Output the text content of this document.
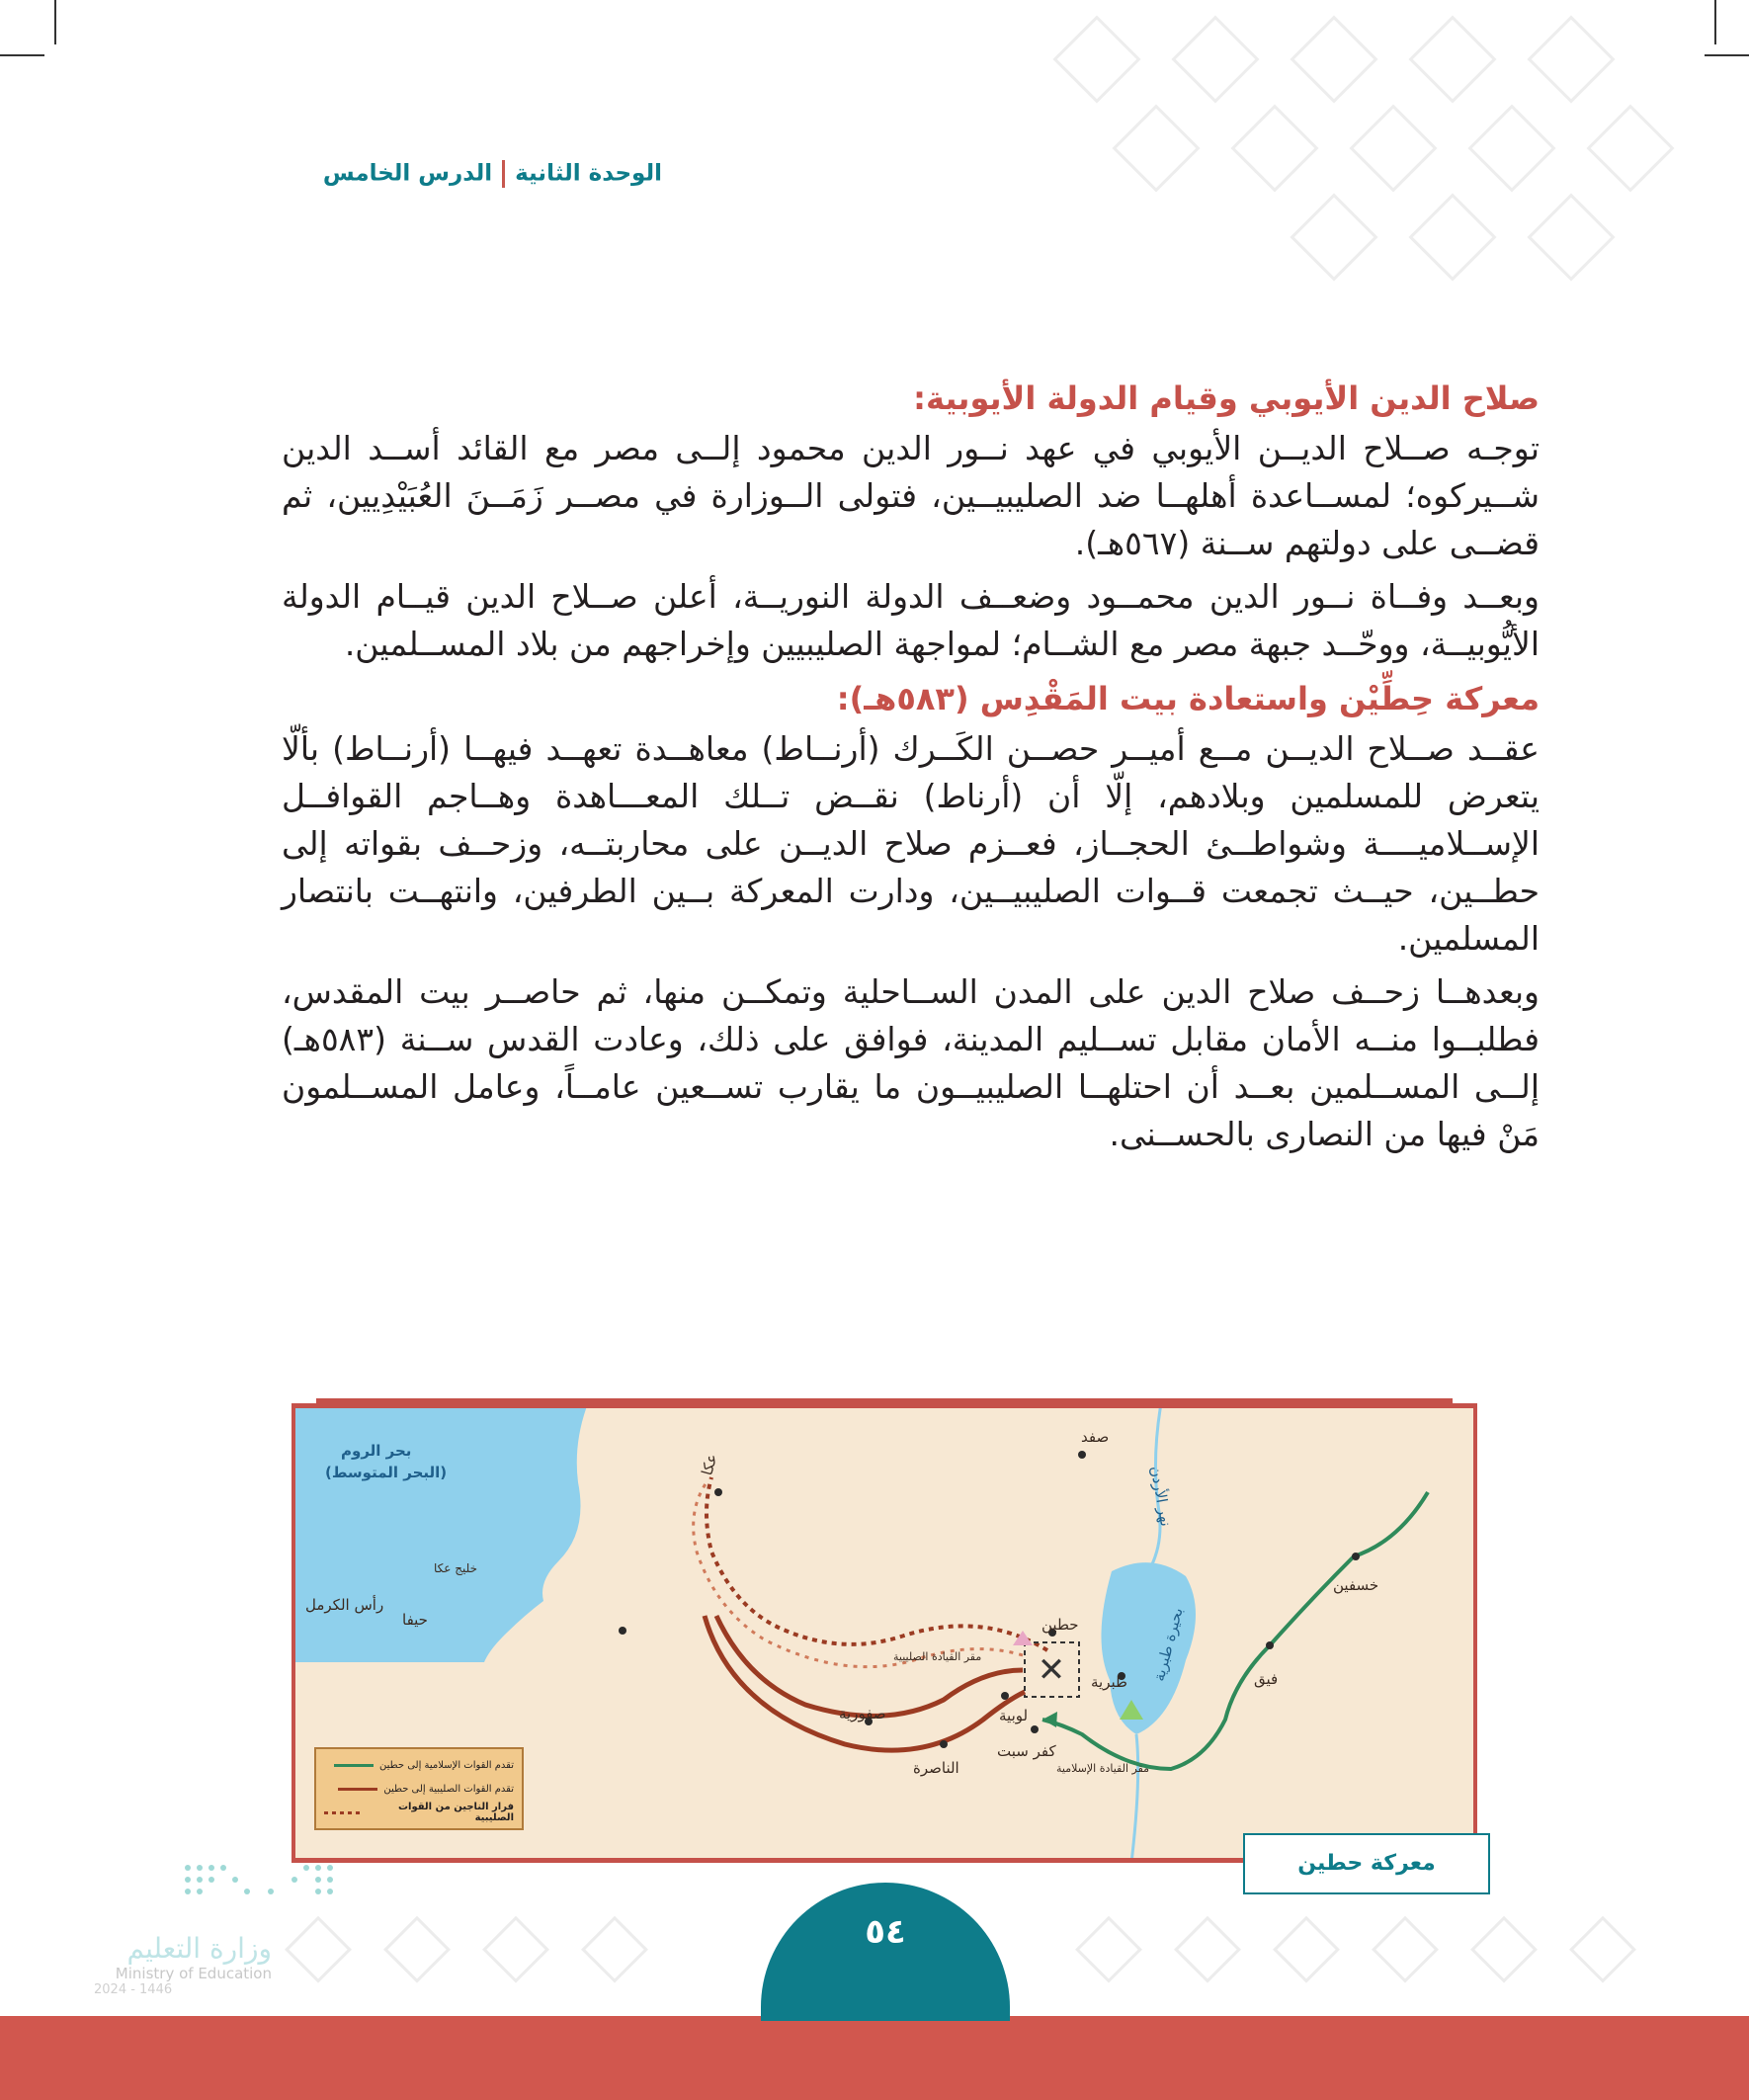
الوحدة الثانيةالدرس الخامس
صلاح الدين الأيوبي وقيام الدولة الأيوبية:

توجـه صــلاح الديــن الأيوبي في عهد نــور الدين محمود إلــى مصر مع القائد أســد الدين شــيركوه؛ لمســاعدة أهلهــا ضد الصليبيــين، فتولى الــوزارة في مصــر زَمَــنَ العُبَيْدِيين، ثم قضــى على دولتهم ســنة (٥٦٧هـ).

وبعــد وفــاة نــور الدين محمــود وضعــف الدولة النوريــة، أعلن صــلاح الدين قيــام الدولة الأيُّوبيــة، ووحّــد جبهة مصر مع الشــام؛ لمواجهة الصليبيين وإخراجهم من بلاد المســلمين.

معركة حِطِّيْن واستعادة بيت المَقْدِس (٥٨٣هـ):

عقــد صــلاح الديــن مــع أميــر حصــن الكَــرك (أرنــاط) معاهــدة تعهــد فيهــا (أرنــاط) بألّا يتعرض للمسلمين وبلادهم، إلّا أن (أرناط) نقــض تــلك المعـــاهدة وهــاجم القوافــل الإســلاميــــة وشواطــئ الحجــاز، فعــزم صلاح الديــن على محاربتــه، وزحــف بقواته إلى حطــين، حيــث تجمعت قــوات الصليبيــين، ودارت المعركة بــين الطرفين، وانتهــت بانتصار المسلمين.

وبعدهــا زحــف صلاح الدين على المدن الســاحلية وتمكــن منها، ثم حاصــر بيت المقدس، فطلبــوا منــه الأمان مقابل تســليم المدينة، فوافق على ذلك، وعادت القدس ســنة (٥٨٣هـ) إلــى المســلمين بعــد أن احتلهــا الصليبيــون ما يقارب تســعين عامــاً، وعامل المســلمون مَنْ فيها من النصارى بالحســنى.

✕
بحر الروم
(البحر المتوسط)	عكا
خليج عكا
حيفا
رأس الكرمل
صفد
نهر الأردن
بحيرة طبرية
حطين
مقر القيادة الصليبية
طبرية
لوبية
صفورية
الناصرة
كفر سبت
مقر القيادة الإسلامية
خسفين
فيق
تقدم القوات الإسلامية إلى حطين
تقدم القوات الصليبية إلى حطين
فرار الناجين من القوات الصليبية
معركة حطين
وزارة التعليم
Ministry of Education
2024 - 1446
٥٤
